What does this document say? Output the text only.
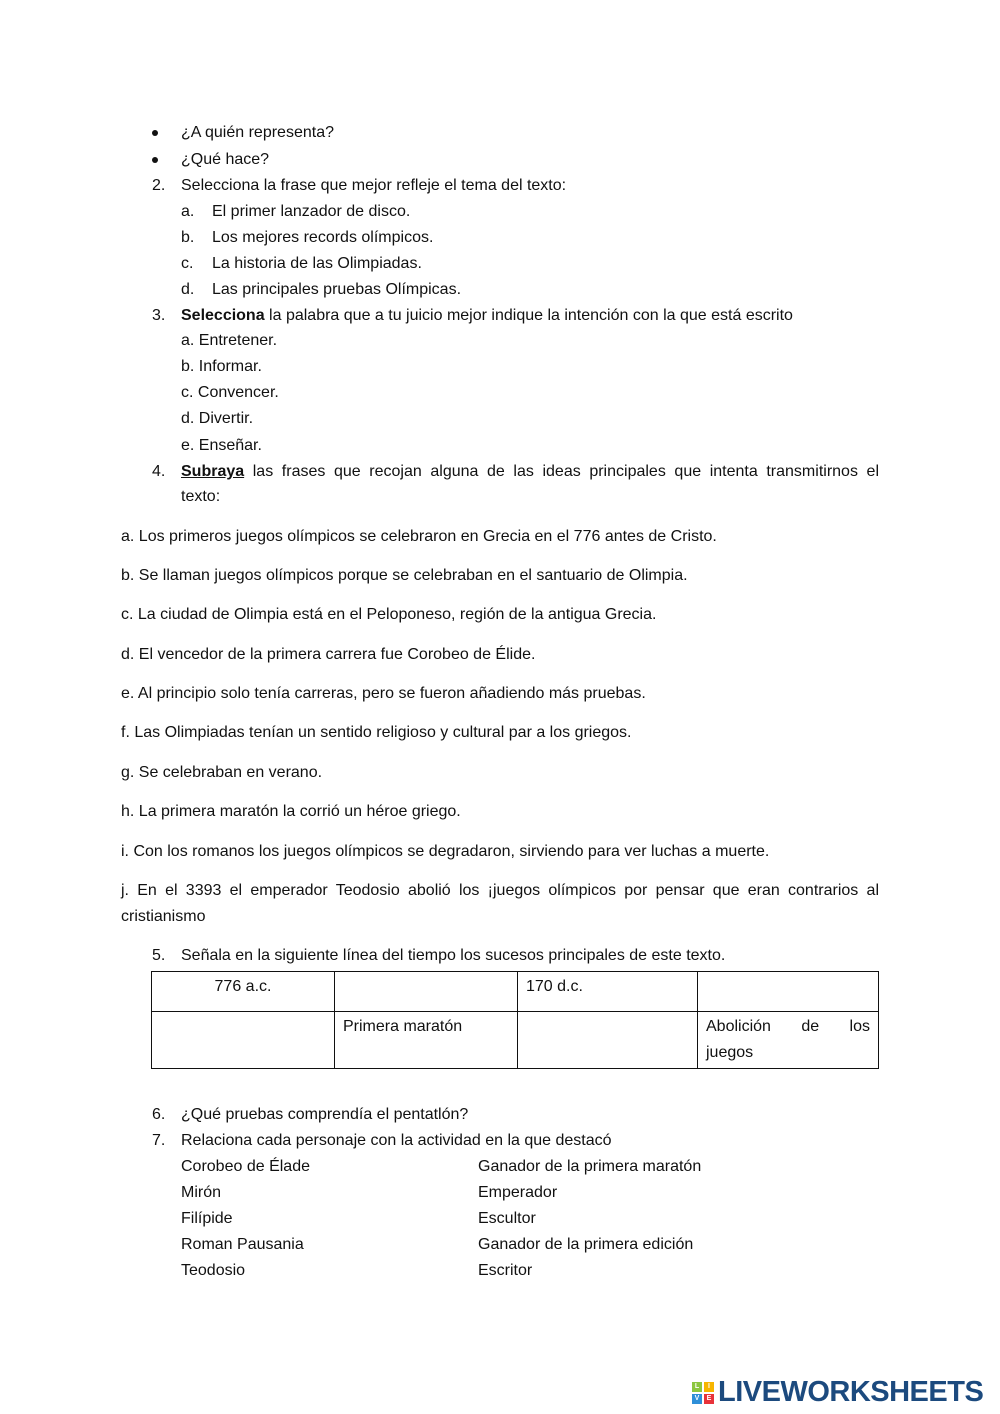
¿A quién representa?
¿Qué hace?
2. Selecciona la frase que mejor refleje el tema del texto:
a. El primer lanzador de disco.
b. Los mejores records olímpicos.
c. La historia de las Olimpiadas.
d. Las principales pruebas Olímpicas.
3. Selecciona la palabra que a tu juicio mejor indique la intención con la que está escrito
a. Entretener.
b. Informar.
c. Convencer.
d. Divertir.
e. Enseñar.
4. Subraya las frases que recojan alguna de las ideas principales que intenta transmitirnos el
texto:
a. Los primeros juegos olímpicos se celebraron en Grecia en el 776 antes de Cristo.
b. Se llaman juegos olímpicos porque se celebraban en el santuario de Olimpia.
c. La ciudad de Olimpia está en el Peloponeso, región de la antigua Grecia.
d. El vencedor de la primera carrera fue Corobeo de Élide.
e. Al principio solo tenía carreras, pero se fueron añadiendo más pruebas.
f. Las Olimpiadas tenían un sentido religioso y cultural par a los griegos.
g. Se celebraban en verano.
h. La primera maratón la corrió un héroe griego.
i. Con los romanos los juegos olímpicos se degradaron, sirviendo para ver luchas a muerte.
j. En el 3393 el emperador Teodosio abolió los ¡juegos olímpicos por pensar que eran contrarios al
cristianismo
5. Señala en la siguiente línea del tiempo los sucesos principales de este texto.
776 a.c.		170 d.c.	
	Primera maratón		Abolición de los juegos
6. ¿Qué pruebas comprendía el pentatlón?
7. Relaciona cada personaje con la actividad en la que destacó
Corobeo de Élade	Ganador de la primera maratón
Mirón	Emperador
Filípide	Escultor
Roman Pausania	Ganador de la primera edición
Teodosio	Escritor
L	I
V	E LIVEWORKSHEETS
